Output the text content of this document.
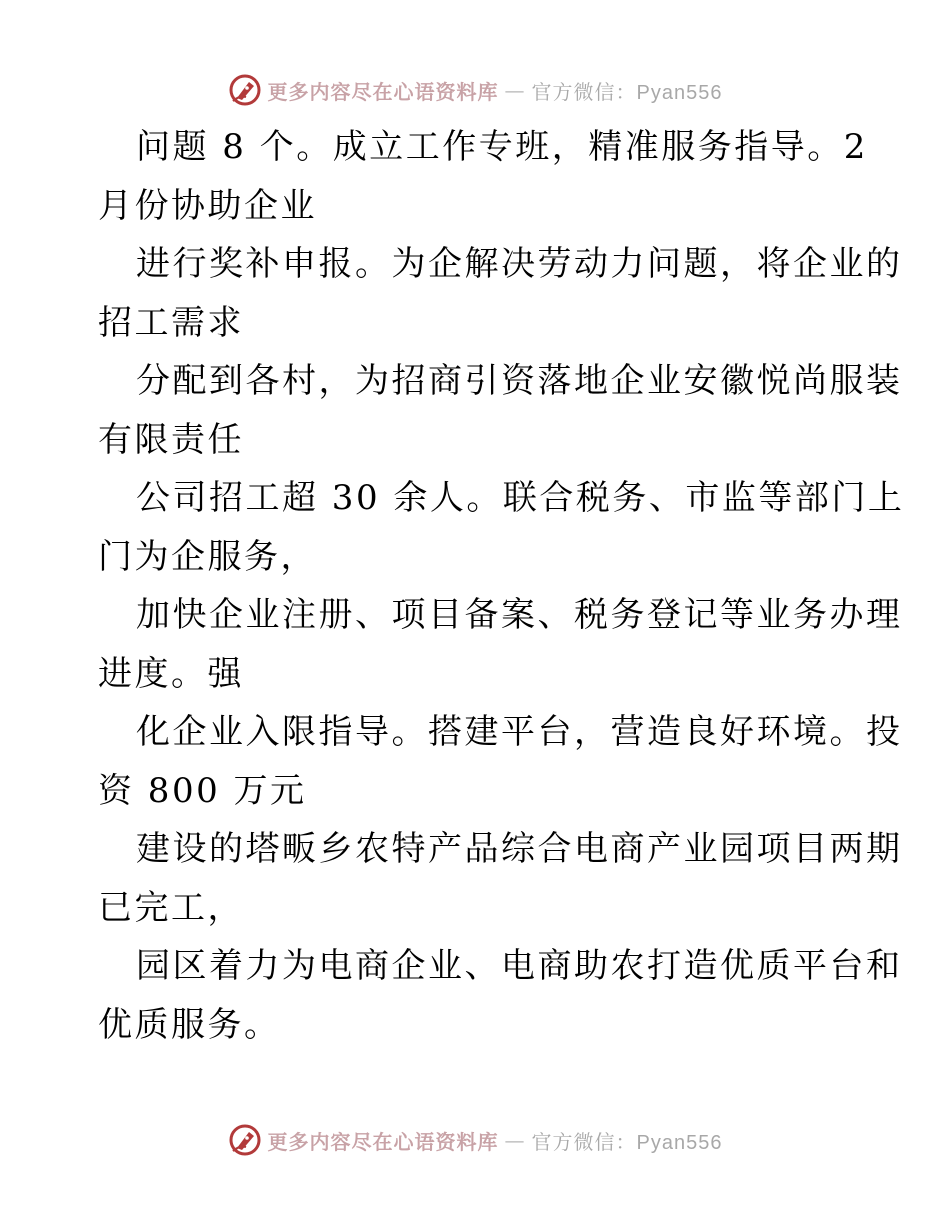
更多内容尽在心语资料库 — 官方微信：Pyan556
问题 8 个。成立工作专班，精准服务指导。2
月份协助企业
进行奖补申报。为企解决劳动力问题，将企业的
招工需求
分配到各村，为招商引资落地企业安徽悦尚服装
有限责任
公司招工超 30 余人。联合税务、市监等部门上
门为企服务，
加快企业注册、项目备案、税务登记等业务办理
进度。强
化企业入限指导。搭建平台，营造良好环境。投
资 800 万元
建设的塔畈乡农特产品综合电商产业园项目两期
已完工，
园区着力为电商企业、电商助农打造优质平台和
优质服务。
更多内容尽在心语资料库 — 官方微信：Pyan556
